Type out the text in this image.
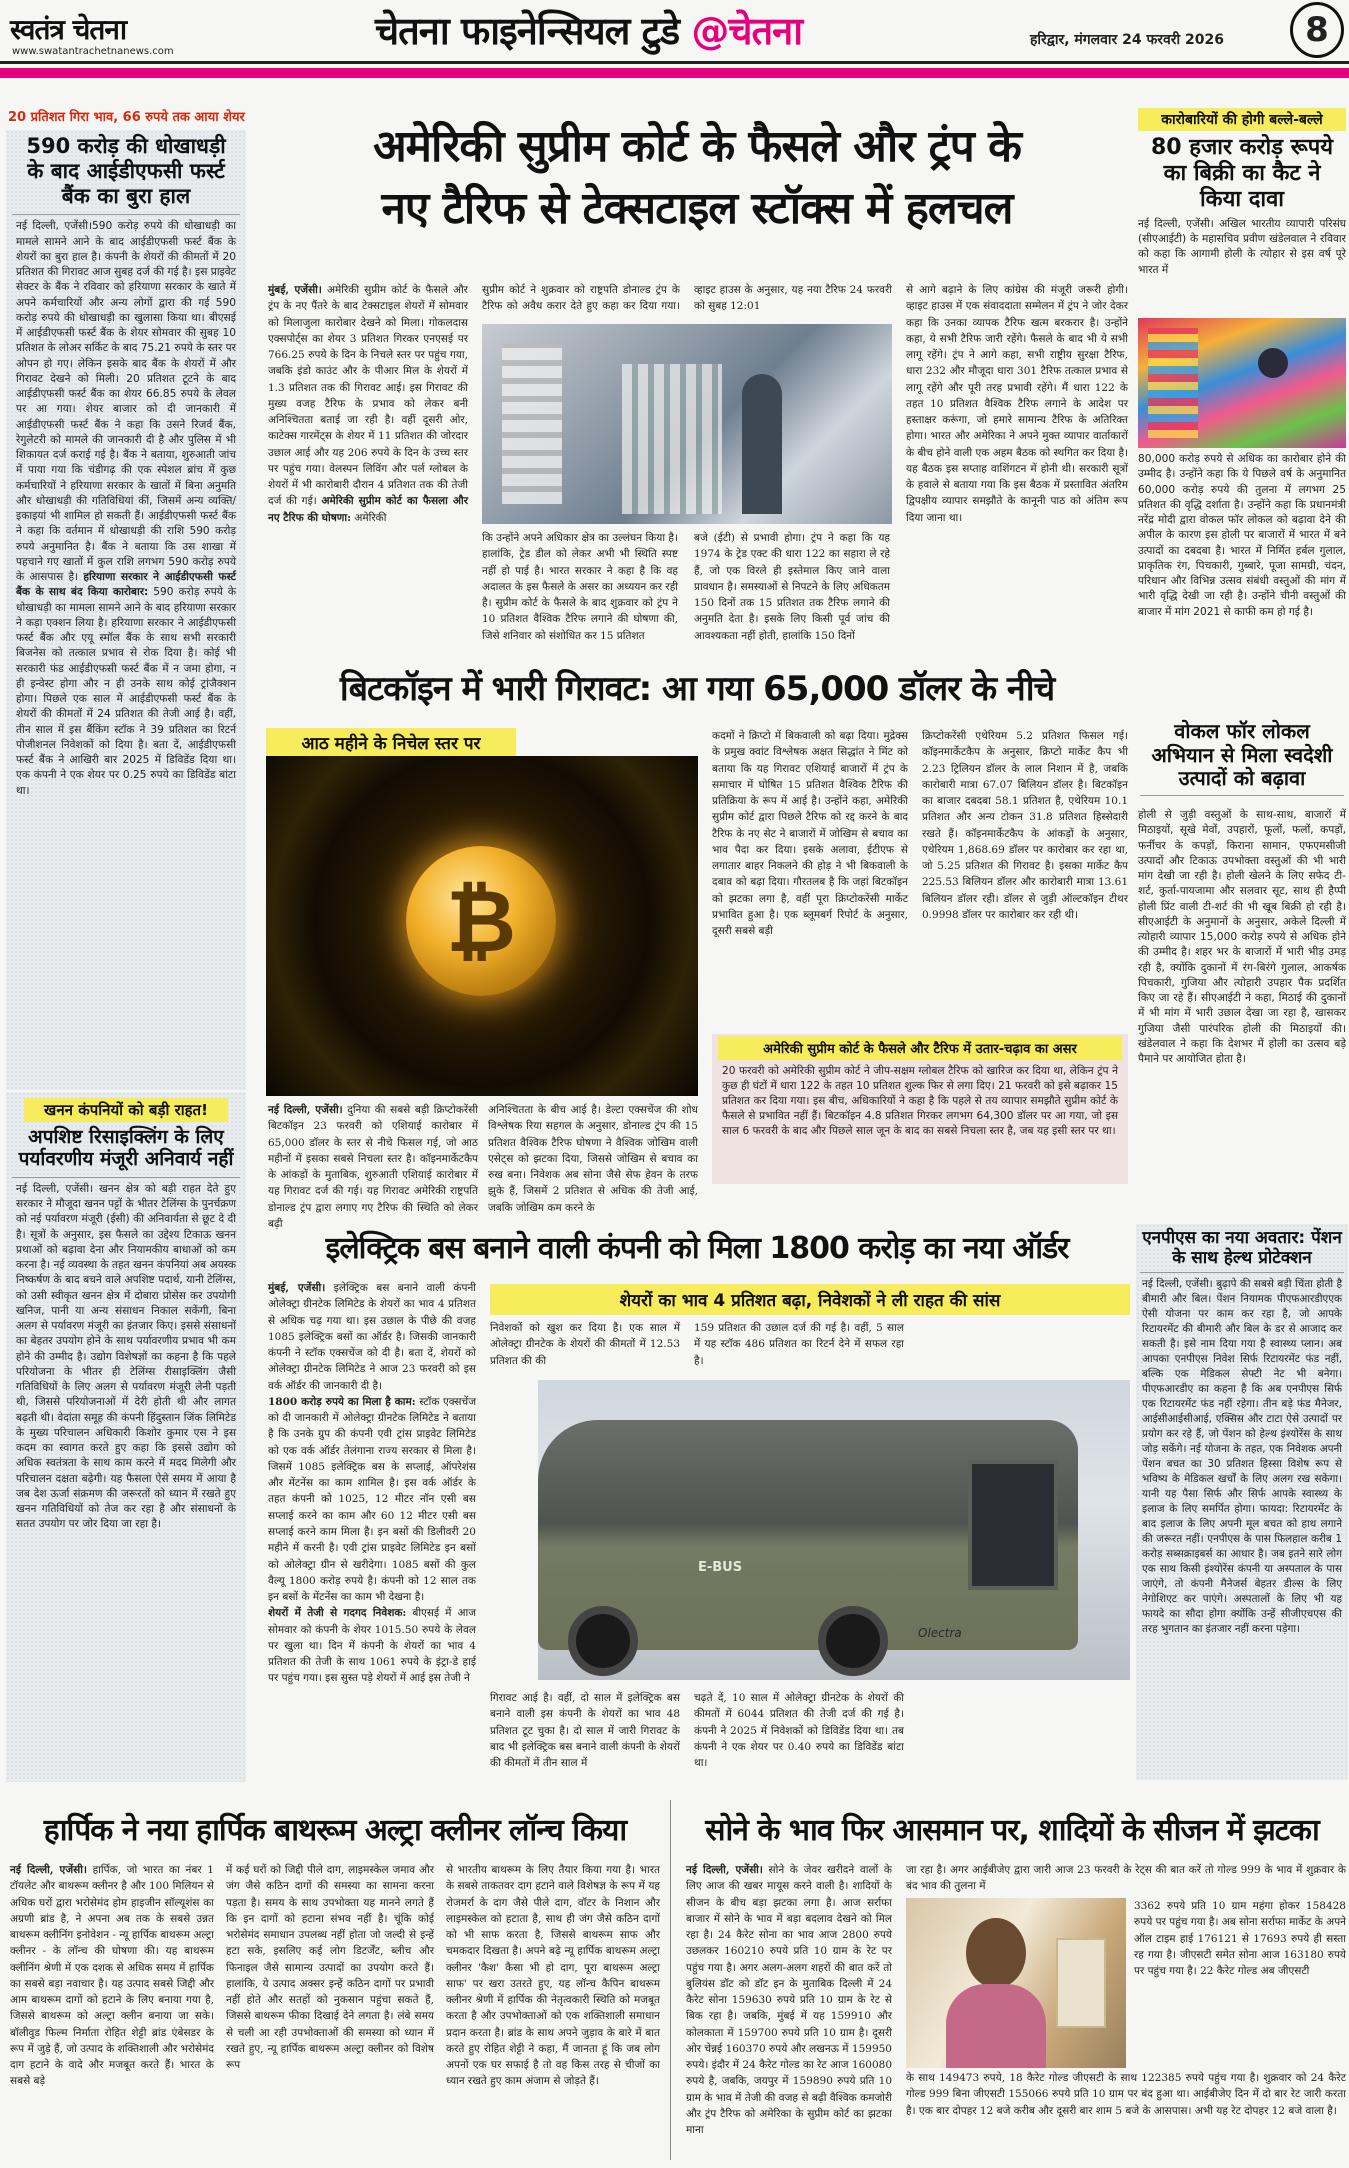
स्वतंत्र चेतना
www.swatantrachetnanews.com	चेतना फाइनेन्सियल टुडे @चेतना	हरिद्वार, मंगलवार 24 फरवरी 2026	8
20 प्रतिशत गिरा भाव, 66 रुपये तक आया शेयर
590 करोड़ की धोखाधड़ी के बाद आईडीएफसी फर्स्ट बैंक का बुरा हाल
नई दिल्ली, एजेंसी।590 करोड़ रुपये की धोखाधड़ी का मामले सामने आने के बाद आईडीएफसी फर्स्ट बैंक के शेयरों का बुरा हाल है। कंपनी के शेयरों की कीमतों में 20 प्रतिशत की गिरावट आज सुबह दर्ज की गई है। इस प्राइवेट सेक्टर के बैंक ने रविवार को हरियाणा सरकार के खाते में अपने कर्मचारियों और अन्य लोगों द्वारा की गई 590 करोड़ रुपये की धोखाधड़ी का खुलासा किया था। बीएसई में आईडीएफसी फर्स्ट बैंक के शेयर सोमवार की सुबह 10 प्रतिशत के लोअर सर्किट के बाद 75.21 रुपये के स्तर पर ओपन हो गए। लेकिन इसके बाद बैंक के शेयरों में और गिरावट देखने को मिली। 20 प्रतिशत टूटने के बाद आईडीएफसी फर्स्ट बैंक का शेयर 66.85 रुपये के लेवल पर आ गया। शेयर बाजार को दी जानकारी में आईडीएफसी फर्स्ट बैंक ने कहा कि उसने रिजर्व बैंक, रेगुलेटरी को मामले की जानकारी दी है और पुलिस में भी शिकायत दर्ज कराई गई है। बैंक ने बताया, शुरुआती जांच में पाया गया कि चंडीगढ़ की एक स्पेशल ब्रांच में कुछ कर्मचारियों ने हरियाणा सरकार के खातों में बिना अनुमति और धोखाधड़ी की गतिविधियां कीं, जिसमें अन्य व्यक्ति/इकाइयां भी शामिल हो सकती हैं। आईडीएफसी फर्स्ट बैंक ने कहा कि वर्तमान में धोखाधड़ी की राशि 590 करोड़ रुपये अनुमानित है। बैंक ने बताया कि उस शाखा में पहचाने गए खातों में कुल राशि लगभग 590 करोड़ रुपये के आसपास है। हरियाणा सरकार ने आईडीएफसी फर्स्ट बैंक के साथ बंद किया कारोबार: 590 करोड़ रुपये के धोखाधड़ी का मामला सामने आने के बाद हरियाणा सरकार ने कड़ा एक्शन लिया है। हरियाणा सरकार ने आईडीएफसी फर्स्ट बैंक और एयू स्मॉल बैंक के साथ सभी सरकारी बिजनेस को तत्काल प्रभाव से रोक दिया है। कोई भी सरकारी फंड आईडीएफसी फर्स्ट बैंक में न जमा होगा, न ही इन्वेस्ट होगा और न ही उनके साथ कोई ट्रांजैक्शन होगा। पिछले एक साल में आईडीएफसी फर्स्ट बैंक के शेयरों की कीमतों में 24 प्रतिशत की तेजी आई है। वहीं, तीन साल में इस बैंकिंग स्टॉक ने 39 प्रतिशत का रिटर्न पोजीशनल निवेशकों को दिया है। बता दें, आईडीएफसी फर्स्ट बैंक ने आखिरी बार 2025 में डिविडेंड दिया था। एक कंपनी ने एक शेयर पर 0.25 रुपये का डिविडेंड बांटा था।
खनन कंपनियों को बड़ी राहत!
अपशिष्ट रिसाइक्लिंग के लिए पर्यावरणीय मंजूरी अनिवार्य नहीं
नई दिल्ली, एजेंसी। खनन क्षेत्र को बड़ी राहत देते हुए सरकार ने मौजूदा खनन पट्टों के भीतर टेलिंग्स के पुनर्चक्रण को नई पर्यावरण मंजूरी (ईसी) की अनिवार्यता से छूट दे दी है। सूत्रों के अनुसार, इस फैसले का उद्देश्य टिकाऊ खनन प्रथाओं को बढ़ावा देना और नियामकीय बाधाओं को कम करना है। नई व्यवस्था के तहत खनन कंपनियां अब अयस्क निष्कर्षण के बाद बचने वाले अपशिष्ट पदार्थ, यानी टेलिंग्स, को उसी स्वीकृत खनन क्षेत्र में दोबारा प्रोसेस कर उपयोगी खनिज, पानी या अन्य संसाधन निकाल सकेंगी, बिना अलग से पर्यावरण मंजूरी का इंतजार किए। इससे संसाधनों का बेहतर उपयोग होने के साथ पर्यावरणीय प्रभाव भी कम होने की उम्मीद है। उद्योग विशेषज्ञों का कहना है कि पहले परियोजना के भीतर ही टेलिंग्स रीसाइक्लिंग जैसी गतिविधियों के लिए अलग से पर्यावरण मंजूरी लेनी पड़ती थी, जिससे परियोजनाओं में देरी होती थी और लागत बढ़ती थी। वेदांता समूह की कंपनी हिंदुस्तान जिंक लिमिटेड के मुख्य परिचालन अधिकारी किशोर कुमार एस ने इस कदम का स्वागत करते हुए कहा कि इससे उद्योग को अधिक स्वतंत्रता के साथ काम करने में मदद मिलेगी और परिचालन दक्षता बढ़ेगी। यह फैसला ऐसे समय में आया है जब देश ऊर्जा संक्रमण की जरूरतों को ध्यान में रखते हुए खनन गतिविधियों को तेज कर रहा है और संसाधनों के सतत उपयोग पर जोर दिया जा रहा है।
अमेरिकी सुप्रीम कोर्ट के फैसले और ट्रंप के
नए टैरिफ से टेक्सटाइल स्टॉक्स में हलचल
मुंबई, एजेंसी। अमेरिकी सुप्रीम कोर्ट के फैसले और ट्रंप के नए पैंतरे के बाद टेक्सटाइल शेयरों में सोमवार को मिलाजुला कारोबार देखने को मिला। गोकलदास एक्सपोर्ट्स का शेयर 3 प्रतिशत गिरकर एनएसई पर 766.25 रुपये के दिन के निचले स्तर पर पहुंच गया, जबकि इंडो काउंट और के पीआर मिल के शेयरों में 1.3 प्रतिशत तक की गिरावट आई। इस गिरावट की मुख्य वजह टैरिफ के प्रभाव को लेकर बनी अनिश्चितता बताई जा रही है। वहीं दूसरी ओर, काटेक्स गारमेंट्स के शेयर में 11 प्रतिशत की जोरदार उछाल आई और यह 206 रुपये के दिन के उच्च स्तर पर पहुंच गया। वेलस्पन लिविंग और पर्ल ग्लोबल के शेयरों में भी कारोबारी दौरान 4 प्रतिशत तक की तेजी दर्ज की गई। अमेरिकी सुप्रीम कोर्ट का फैसला और नए टैरिफ की घोषणा: अमेरिकी
सुप्रीम कोर्ट ने शुक्रवार को राष्ट्रपति डोनाल्ड ट्रंप के टैरिफ को अवैध करार देते हुए कहा कर दिया गया। व्हाइट हाउस के अनुसार, यह नया टैरिफ 24 फरवरी को सुबह 12:01
कि उन्होंने अपने अधिकार क्षेत्र का उल्लंघन किया है। हालांकि, ट्रेड डील को लेकर अभी भी स्थिति स्पष्ट नहीं हो पाई है। भारत सरकार ने कहा है कि वह अदालत के इस फैसले के असर का अध्ययन कर रही है। सुप्रीम कोर्ट के फैसले के बाद शुक्रवार को ट्रंप ने 10 प्रतिशत वैश्विक टैरिफ लगाने की घोषणा की, जिसे शनिवार को संशोधित कर 15 प्रतिशत
बजे (ईटी) से प्रभावी होगा। ट्रंप ने कहा कि यह 1974 के ट्रेड एक्ट की धारा 122 का सहारा ले रहे हैं, जो एक विरले ही इस्तेमाल किए जाने वाला प्रावधान है। समस्याओं से निपटने के लिए अधिकतम 150 दिनों तक 15 प्रतिशत तक टैरिफ लगाने की अनुमति देता है। इसके लिए किसी पूर्व जांच की आवश्यकता नहीं होती, हालांकि 150 दिनों
से आगे बढ़ाने के लिए कांग्रेस की मंजूरी जरूरी होगी। व्हाइट हाउस में एक संवाददाता सम्मेलन में ट्रंप ने जोर देकर कहा कि उनका व्यापक टैरिफ खत्म बरकरार है। उन्होंने कहा, ये सभी टैरिफ जारी रहेंगे। फैसले के बाद भी ये सभी लागू रहेंगे। ट्रंप ने आगे कहा, सभी राष्ट्रीय सुरक्षा टैरिफ, धारा 232 और मौजूदा धारा 301 टैरिफ तत्काल प्रभाव से लागू रहेंगे और पूरी तरह प्रभावी रहेंगे। मैं धारा 122 के तहत 10 प्रतिशत वैश्विक टैरिफ लगाने के आदेश पर हस्ताक्षर करूंगा, जो हमारे सामान्य टैरिफ के अतिरिक्त होगा। भारत और अमेरिका ने अपने मुक्त व्यापार वार्ताकारों के बीच होने वाली एक अहम बैठक को स्थगित कर दिया है। यह बैठक इस सप्ताह वाशिंगटन में होनी थी। सरकारी सूत्रों के हवाले से बताया गया कि इस बैठक में प्रस्तावित अंतरिम द्विपक्षीय व्यापार समझौते के कानूनी पाठ को अंतिम रूप दिया जाना था।
कारोबारियों की होगी बल्ले-बल्ले
80 हजार करोड़ रूपये का बिक्री का कैट ने किया दावा
नई दिल्ली, एजेंसी। अखिल भारतीय व्यापारी परिसंघ (सीएआईटी) के महासचिव प्रवीण खंडेलवाल ने रविवार को कहा कि आगामी होली के त्योहार से इस वर्ष पूरे भारत में
80,000 करोड़ रुपये से अधिक का कारोबार होने की उम्मीद है। उन्होंने कहा कि ये पिछले वर्ष के अनुमानित 60,000 करोड़ रुपये की तुलना में लगभग 25 प्रतिशत की वृद्धि दर्शाता है। उन्होंने कहा कि प्रधानमंत्री नरेंद्र मोदी द्वारा वोकल फॉर लोकल को बढ़ावा देने की अपील के कारण इस होली पर बाजारों में भारत में बने उत्पादों का दबदबा है। भारत में निर्मित हर्बल गुलाल, प्राकृतिक रंग, पिचकारी, गुब्बारे, पूजा सामग्री, चंदन, परिधान और विभिन्न उत्सव संबंधी वस्तुओं की मांग में भारी वृद्धि देखी जा रही है। उन्होंने चीनी वस्तुओं की बाजार में मांग 2021 से काफी कम हो गई है।
वोकल फॉर लोकल अभियान से मिला स्वदेशी उत्पादों को बढ़ावा
होली से जुड़ी वस्तुओं के साथ-साथ, बाजारों में मिठाइयों, सूखे मेवों, उपहारों, फूलों, फलों, कपड़ों, फर्नीचर के कपड़ों, किराना सामान, एफएमसीजी उत्पादों और टिकाऊ उपभोक्ता वस्तुओं की भी भारी मांग देखी जा रही है। होली खेलने के लिए सफेद टी-शर्ट, कुर्ता-पायजामा और सलवार सूट, साथ ही हैप्पी होली प्रिंट वाली टी-शर्ट की भी खूब बिक्री हो रही है। सीएआईटी के अनुमानों के अनुसार, अकेले दिल्ली में त्योहारी व्यापार 15,000 करोड़ रुपये से अधिक होने की उम्मीद है। शहर भर के बाजारों में भारी भीड़ उमड़ रही है, क्योंकि दुकानों में रंग-बिरंगे गुलाल, आकर्षक पिचकारी, गुजिया और त्योहारी उपहार पैक प्रदर्शित किए जा रहे हैं। सीएआईटी ने कहा, मिठाई की दुकानों में भी मांग में भारी उछाल देखा जा रहा है, खासकर गुजिया जैसी पारंपरिक होली की मिठाइयों की। खंडेलवाल ने कहा कि देशभर में होली का उत्सव बड़े पैमाने पर आयोजित होता है।
बिटकॉइन में भारी गिरावट: आ गया 65,000 डॉलर के नीचे
आठ महीने के निचेल स्तर पर
₿
कदमों ने क्रिप्टो में बिकवाली को बढ़ा दिया। मुद्रेक्स के प्रमुख क्वांट विश्लेषक अक्षत सिद्धांत ने मिंट को बताया कि यह गिरावट एशियाई बाजारों में ट्रंप के समाचार में घोषित 15 प्रतिशत वैश्विक टैरिफ की प्रतिक्रिया के रूप में आई है। उन्होंने कहा, अमेरिकी सुप्रीम कोर्ट द्वारा पिछले टैरिफ को रद्द करने के बाद टैरिफ के नए सेट ने बाजारों में जोखिम से बचाव का भाव पैदा कर दिया। इसके अलावा, ईटीएफ से लगातार बाहर निकलने की होड़ ने भी बिकवाली के दबाव को बढ़ा दिया। गौरतलब है कि जहां बिटकॉइन को झटका लगा है, वहीं पूरा क्रिप्टोकरेंसी मार्केट प्रभावित हुआ है। एक ब्लूमबर्ग रिपोर्ट के अनुसार, दूसरी सबसे बड़ी
क्रिप्टोकरेंसी एथेरियम 5.2 प्रतिशत फिसल गई। कॉइनमार्केटकैप के अनुसार, क्रिप्टो मार्केट कैप भी 2.23 ट्रिलियन डॉलर के लाल निशान में है, जबकि कारोबारी मात्रा 67.07 बिलियन डॉलर है। बिटकॉइन का बाजार दबदबा 58.1 प्रतिशत है, एथेरियम 10.1 प्रतिशत और अन्य टोकन 31.8 प्रतिशत हिस्सेदारी रखते हैं। कॉइनमार्केटकैप के आंकड़ों के अनुसार, एथेरियम 1,868.69 डॉलर पर कारोबार कर रहा था, जो 5.25 प्रतिशत की गिरावट है। इसका मार्केट कैप 225.53 बिलियन डॉलर और कारोबारी मात्रा 13.61 बिलियन डॉलर रही। डॉलर से जुड़ी ऑल्टकॉइन टीथर 0.9998 डॉलर पर कारोबार कर रही थी।
अमेरिकी सुप्रीम कोर्ट के फैसले और टैरिफ में उतार-चढ़ाव का असर
20 फरवरी को अमेरिकी सुप्रीम कोर्ट ने जीप-सक्षम ग्लोबल टैरिफ को खारिज कर दिया था, लेकिन ट्रंप ने कुछ ही घंटों में धारा 122 के तहत 10 प्रतिशत शुल्क फिर से लगा दिए। 21 फरवरी को इसे बढ़ाकर 15 प्रतिशत कर दिया गया। इस बीच, अधिकारियों ने कहा है कि पहले से तय व्यापार समझौते सुप्रीम कोर्ट के फैसले से प्रभावित नहीं हैं। बिटकॉइन 4.8 प्रतिशत गिरकर लगभग 64,300 डॉलर पर आ गया, जो इस साल 6 फरवरी के बाद और पिछले साल जून के बाद का सबसे निचला स्तर है, जब यह इसी स्तर पर था।
नई दिल्ली, एजेंसी। दुनिया की सबसे बड़ी क्रिप्टोकरेंसी बिटकॉइन 23 फरवरी को एशियाई कारोबार में 65,000 डॉलर के स्तर से नीचे फिसल गई, जो आठ महीनों में इसका सबसे निचला स्तर है। कॉइनमार्केटकैप के आंकड़ों के मुताबिक, शुरुआती एशियाई कारोबार में यह गिरावट दर्ज की गई। यह गिरावट अमेरिकी राष्ट्रपति डोनाल्ड ट्रंप द्वारा लगाए गए टैरिफ की स्थिति को लेकर बढ़ी
अनिश्चितता के बीच आई है। डेल्टा एक्सचेंज की शोध विश्लेषक रिया सहगल के अनुसार, डोनाल्ड ट्रंप की 15 प्रतिशत वैश्विक टैरिफ घोषणा ने वैश्विक जोखिम वाली एसेट्स को झटका दिया, जिससे जोखिम से बचाव का रुख बना। निवेशक अब सोना जैसे सेफ हेवन के तरफ झुके हैं, जिसमें 2 प्रतिशत से अधिक की तेजी आई, जबकि जोखिम कम करने के
इलेक्ट्रिक बस बनाने वाली कंपनी को मिला 1800 करोड़ का नया ऑर्डर
मुंबई, एजेंसी। इलेक्ट्रिक बस बनाने वाली कंपनी ओलेक्ट्रा ग्रीनटेक लिमिटेड के शेयरों का भाव 4 प्रतिशत से अधिक चढ़ गया था। इस उछाल के पीछे की वजह 1085 इलेक्ट्रिक बसों का ऑर्डर है। जिसकी जानकारी कंपनी ने स्टॉक एक्सचेंज को दी है। बता दें, शेयरों को ओलेक्ट्रा ग्रीनटेक लिमिटेड ने आज 23 फरवरी को इस वर्क ऑर्डर की जानकारी दी है।
1800 करोड़ रुपये का मिला है काम: स्टॉक एक्सचेंज को दी जानकारी में ओलेक्ट्रा ग्रीनटेक लिमिटेड ने बताया है कि उनके ग्रुप की कंपनी एवी ट्रांस प्राइवेट लिमिटेड को एक वर्क ऑर्डर तेलंगाना राज्य सरकार से मिला है। जिसमें 1085 इलेक्ट्रिक बस के सप्लाई, ऑपरेशंस और मेंटनेंस का काम शामिल है। इस वर्क ऑर्डर के तहत कंपनी को 1025, 12 मीटर नॉन एसी बस सप्लाई करने का काम और 60 12 मीटर एसी बस सप्लाई करने काम मिला है। इन बसों की डिलीवरी 20 महीने में करनी है। एवी ट्रांस प्राइवेट लिमिटेड इन बसों को ओलेक्ट्रा ग्रीन से खरीदेगा। 1085 बसों की कुल वैल्यू 1800 करोड़ रुपये है। कंपनी को 12 साल तक इन बसों के मेंटनेंस का काम भी देखना है।
शेयरों में तेजी से गदगद निवेशक: बीएसई में आज सोमवार को कंपनी के शेयर 1015.50 रुपये के लेवल पर खुला था। दिन में कंपनी के शेयरों का भाव 4 प्रतिशत की तेजी के साथ 1061 रुपये के इंट्रा-डे हाई पर पहुंच गया। इस सुस्त पड़े शेयरों में आई इस तेजी ने
शेयरों का भाव 4 प्रतिशत बढ़ा, निवेशकों ने ली राहत की सांस
निवेशकों को खुश कर दिया है। एक साल में ओलेक्ट्रा ग्रीनटेक के शेयरों की कीमतों में 12.53 प्रतिशत की की
159 प्रतिशत की उछाल दर्ज की गई है। वहीं, 5 साल में यह स्टॉक 486 प्रतिशत का रिटर्न देने में सफल रहा है।
E-BUS
Olectra
गिरावट आई है। वहीं, दो साल में इलेक्ट्रिक बस बनाने वाली इस कंपनी के शेयरों का भाव 48 प्रतिशत टूट चुका है। दो साल में जारी गिरावट के बाद भी इलेक्ट्रिक बस बनाने वाली कंपनी के शेयरों की कीमतों में तीन साल में
चढ़ते दें, 10 साल में ओलेक्ट्रा ग्रीनटेक के शेयरों की कीमतों में 6044 प्रतिशत की तेजी दर्ज की गई है। कंपनी ने 2025 में निवेशकों को डिविडेंड दिया था। तब कंपनी ने एक शेयर पर 0.40 रुपये का डिविडेंड बांटा था।
एनपीएस का नया अवतार: पेंशन के साथ हेल्थ प्रोटेक्शन
नई दिल्ली, एजेंसी। बुढ़ापे की सबसे बड़ी चिंता होती है बीमारी और बिल। पेंशन नियामक पीएफआरडीएएक ऐसी योजना पर काम कर रहा है, जो आपके रिटायरमेंट की बीमारी और बिल के डर से आजाद कर सकती है। इसे नाम दिया गया है स्वास्थ्य प्लान। अब आपका एनपीएस निवेश सिर्फ रिटायरमेंट फंड नहीं, बल्कि एक मेडिकल सेफ्टी नेट भी बनेगा। पीएफआरडीए का कहना है कि अब एनपीएस सिर्फ एक रिटायरमेंट फंड नहीं रहेगा। तीन बड़े फंड मैनेजर, आईसीआईसीआई, एक्सिस और टाटा ऐसे उत्पादों पर प्रयोग कर रहे हैं, जो पेंशन को हेल्थ इंश्योरेंस के साथ जोड़ सकेंगे। नई योजना के तहत, एक निवेशक अपनी पेंशन बचत का 30 प्रतिशत हिस्सा विशेष रूप से भविष्य के मेडिकल खर्चों के लिए अलग रख सकेगा। यानी यह पैसा सिर्फ और सिर्फ आपके स्वास्थ्य के इलाज के लिए समर्पित होगा। फायदा: रिटायरमेंट के बाद इलाज के लिए अपनी मूल बचत को हाथ लगाने की जरूरत नहीं। एनपीएस के पास फिलहाल करीब 1 करोड़ सब्सक्राइबर्स का आधार है। जब इतने सारे लोग एक साथ किसी इंश्योरेंस कंपनी या अस्पताल के पास जाएंगे, तो कंपनी मैनेजर्स बेहतर डील्स के लिए नेगोशिएट कर पाएंगे। अस्पतालों के लिए भी यह फायदे का सौदा होगा क्योंकि उन्हें सीजीएचएस की तरह भुगतान का इंतजार नहीं करना पड़ेगा।
हार्पिक ने नया हार्पिक बाथरूम अल्ट्रा क्लीनर लॉन्च किया
नई दिल्ली, एजेंसी। हार्पिक, जो भारत का नंबर 1 टॉयलेट और बाथरूम क्लीनर है और 100 मिलियन से अधिक घरों द्वारा भरोसेमंद होम हाइजीन सॉल्यूशंस का अग्रणी ब्रांड है, ने अपना अब तक के सबसे उन्नत बाथरूम क्लीनिंग इनोवेशन - न्यू हार्पिक बाथरूम अल्ट्रा क्लीनर - के लॉन्च की घोषणा की। यह बाथरूम क्लीनिंग श्रेणी में एक दशक से अधिक समय में हार्पिक का सबसे बड़ा नवाचार है। यह उत्पाद सबसे जिद्दी और आम बाथरूम दागों को हटाने के लिए बनाया गया है, जिससे बाथरूम को अल्ट्रा क्लीन बनाया जा सके। बॉलीवुड फिल्म निर्माता रोहित शेट्टी ब्रांड एंबेसडर के रूप में जुड़े हैं, जो उत्पाद के शक्तिशाली और भरोसेमंद दाग हटाने के वादे और मजबूत करते हैं। भारत के सबसे बड़े
में कई घरों को जिद्दी पीले दाग, लाइमस्केल जमाव और जंग जैसे कठिन दागों की समस्या का सामना करना पड़ता है। समय के साथ उपभोक्ता यह मानने लगते हैं कि इन दागों को हटाना संभव नहीं है। चूंकि कोई भरोसेमंद समाधान उपलब्ध नहीं होता जो जल्दी से इन्हें हटा सके, इसलिए कई लोग डिटर्जेंट, ब्लीच और फिनाइल जैसे सामान्य उत्पादों का उपयोग करते हैं। हालांकि, ये उत्पाद अक्सर इन्हें कठिन दागों पर प्रभावी नहीं होते और सतहों को नुकसान पहुंचा सकते हैं, जिससे बाथरूम फीका दिखाई देने लगता है। लंबे समय से चली आ रही उपभोक्ताओं की समस्या को ध्यान में रखते हुए, न्यू हार्पिक बाथरूम अल्ट्रा क्लीनर को विशेष रूप
से भारतीय बाथरूम के लिए तैयार किया गया है। भारत के सबसे ताकतवर दाग हटाने वाले विशेषज्ञ के रूप में यह रोजमर्रा के दाग जैसे पीले दाग, वॉटर के निशान और लाइमस्केल को हटाता है, साथ ही जंग जैसे कठिन दागों को भी साफ करता है, जिससे बाथरूम साफ और चमकदार दिखता है। अपने बढ़े न्यू हार्पिक बाथरूम अल्ट्रा क्लीनर 'कैश' कैसा भी हो दाग, पूरा बाथरूम अल्ट्रा साफ' पर खरा उतरते हुए, यह लॉन्च कैपिन बाथरूम क्लीनर श्रेणी में हार्पिक की नेतृत्वकारी स्थिति को मजबूत करता है और उपभोक्ताओं को एक शक्तिशाली समाधान प्रदान करता है। ब्रांड के साथ अपने जुड़ाव के बारे में बात करते हुए रोहित शेट्टी ने कहा, मैं जानता हूं कि जब लोग अपनों एक घर सफाई है तो वह किस तरह से चीजों का ध्यान रखते हुए काम अंजाम से जोड़ते हैं।
सोने के भाव फिर आसमान पर, शादियों के सीजन में झटका
नई दिल्ली, एजेंसी। सोने के जेवर खरीदने वालों के लिए आज की खबर मायूस करने वाली है। शादियों के सीजन के बीच बड़ा झटका लगा है। आज सर्राफा बाजार में सोने के भाव में बड़ा बदलाव देखने को मिल रहा है। 24 कैरेट सोना का भाव आज 2800 रुपये उछलकर 160210 रुपये प्रति 10 ग्राम के रेट पर पहुंच गया है। अगर अलग-अलग शहरों की बात करें तो बुलियंस डॉट को डॉट इन के मुताबिक दिल्ली में 24 कैरेट सोना 159630 रुपये प्रति 10 ग्राम के रेट से बिक रहा है। जबकि, मुंबई में यह 159910 और कोलकाता में 159700 रुपये प्रति 10 ग्राम है। दूसरी ओर चेन्नई 160370 रुपये और लखनऊ में 159950 रुपये। इंदौर में 24 कैरेट गोल्ड का रेट आज 160080 रुपये है, जबकि, जयपुर में 159890 रुपये प्रति 10 ग्राम के भाव में तेजी की वजह से बढ़ी वैश्विक कमजोरी और ट्रंप टैरिफ को अमेरिका के सुप्रीम कोर्ट का झटका माना
जा रहा है। अगर आईबीजेए द्वारा जारी आज 23 फरवरी के रेट्स की बात करें तो गोल्ड 999 के भाव में शुक्रवार के बंद भाव की तुलना में
3362 रुपये प्रति 10 ग्राम महंगा होकर 158428 रुपये पर पहुंच गया है। अब सोना सर्राफा मार्केट के अपने ऑल टाइम हाई 176121 से 17693 रुपये ही सस्ता रह गया है। जीएसटी समेत सोना आज 163180 रुपये पर पहुंच गया है। 22 कैरेट गोल्ड अब जीएसटी
के साथ 149473 रुपये, 18 कैरेट गोल्ड जीएसटी के साथ 122385 रुपये पहुंच गया है। शुक्रवार को 24 कैरेट गोल्ड 999 बिना जीएसटी 155066 रुपये प्रति 10 ग्राम पर बंद हुआ था। आईबीजेए दिन में दो बार रेट जारी करता है। एक बार दोपहर 12 बजे करीब और दूसरी बार शाम 5 बजे के आसपास। अभी यह रेट दोपहर 12 बजे वाला है।
